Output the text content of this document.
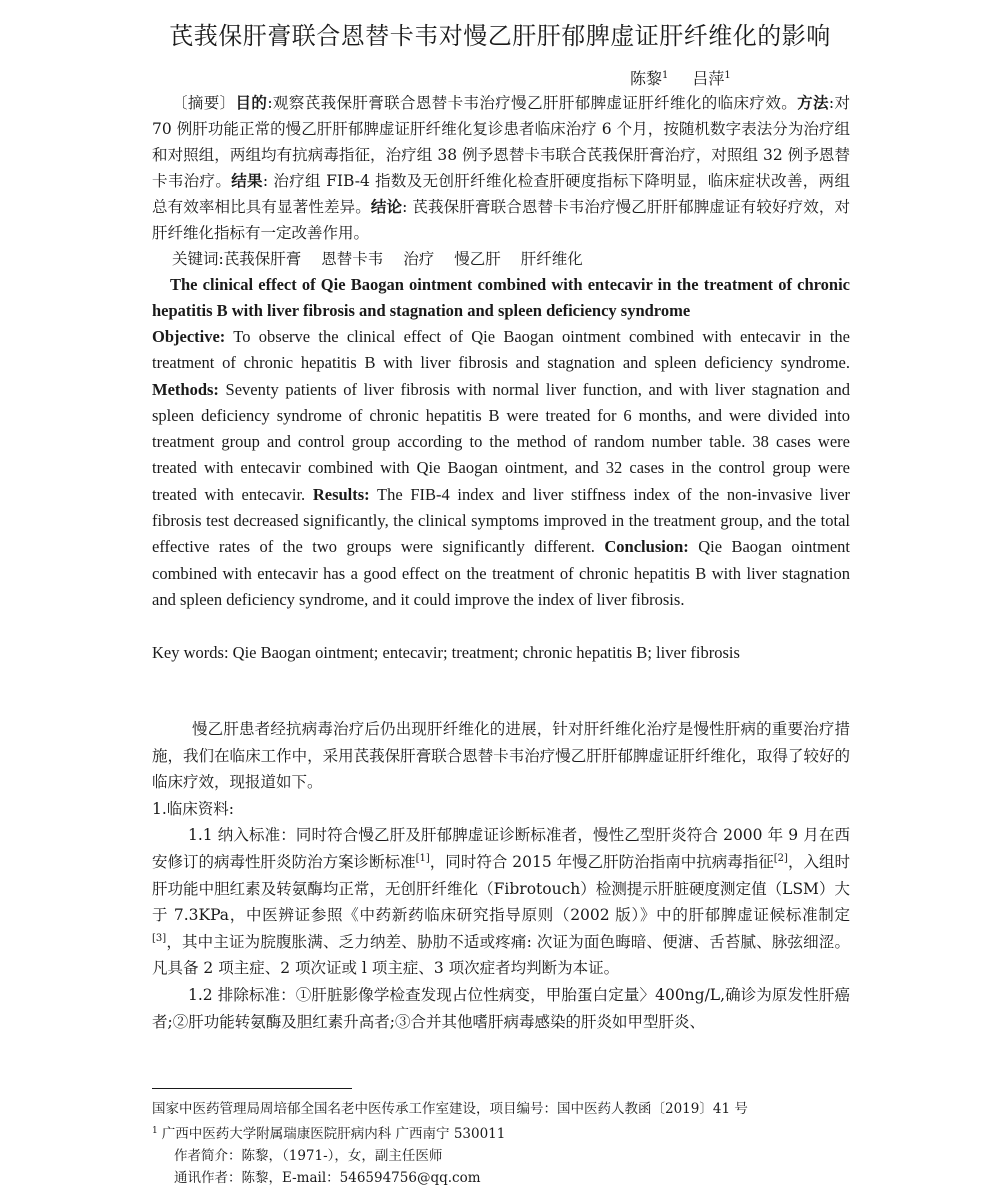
芪莪保肝膏联合恩替卡韦对慢乙肝肝郁脾虚证肝纤维化的影响
陈黎$^1$ 吕萍$^1$

〔摘要〕目的:观察芪莪保肝膏联合恩替卡韦治疗慢乙肝肝郁脾虚证肝纤维化的临床疗效。方法:对 70 例肝功能正常的慢乙肝肝郁脾虚证肝纤维化复诊患者临床治疗 6 个月，按随机数字表法分为治疗组和对照组，两组均有抗病毒指征，治疗组 38 例予恩替卡韦联合芪莪保肝膏治疗，对照组 32 例予恩替卡韦治疗。结果: 治疗组 FIB-4 指数及无创肝纤维化检查肝硬度指标下降明显，临床症状改善，两组总有效率相比具有显著性差异。结论: 芪莪保肝膏联合恩替卡韦治疗慢乙肝肝郁脾虚证有较好疗效，对肝纤维化指标有一定改善作用。

关键词:芪莪保肝膏 恩替卡韦 治疗 慢乙肝 肝纤维化

The clinical effect of Qie Baogan ointment combined with entecavir in the treatment of chronic hepatitis B with liver fibrosis and stagnation and spleen deficiency syndrome

Objective: To observe the clinical effect of Qie Baogan ointment combined with entecavir in the treatment of chronic hepatitis B with liver fibrosis and stagnation and spleen deficiency syndrome. Methods: Seventy patients of liver fibrosis with normal liver function, and with liver stagnation and spleen deficiency syndrome of chronic hepatitis B were treated for 6 months, and were divided into treatment group and control group according to the method of random number table. 38 cases were treated with entecavir combined with Qie Baogan ointment, and 32 cases in the control group were treated with entecavir. Results: The FIB-4 index and liver stiffness index of the non-invasive liver fibrosis test decreased significantly, the clinical symptoms improved in the treatment group, and the total effective rates of the two groups were significantly different. Conclusion: Qie Baogan ointment combined with entecavir has a good effect on the treatment of chronic hepatitis B with liver stagnation and spleen deficiency syndrome, and it could improve the index of liver fibrosis.

Key words: Qie Baogan ointment; entecavir; treatment; chronic hepatitis B; liver fibrosis

慢乙肝患者经抗病毒治疗后仍出现肝纤维化的进展，针对肝纤维化治疗是慢性肝病的重要治疗措施，我们在临床工作中，采用芪莪保肝膏联合恩替卡韦治疗慢乙肝肝郁脾虚证肝纤维化，取得了较好的临床疗效，现报道如下。

1.临床资料:

1.1 纳入标准：同时符合慢乙肝及肝郁脾虚证诊断标准者，慢性乙型肝炎符合 2000 年 9 月在西安修订的病毒性肝炎防治方案诊断标准[1]，同时符合 2015 年慢乙肝防治指南中抗病毒指征[2]，入组时肝功能中胆红素及转氨酶均正常，无创肝纤维化（Fibrotouch）检测提示肝脏硬度测定值（LSM）大于 7.3KPa，中医辨证参照《中药新药临床研究指导原则（2002 版）》中的肝郁脾虚证候标准制定[3]，其中主证为脘腹胀满、乏力纳差、胁肋不适或疼痛: 次证为面色晦暗、便溏、舌苔腻、脉弦细涩。凡具备 2 项主症、2 项次证或 l 项主症、3 项次症者均判断为本证。

1.2 排除标准：①肝脏影像学检查发现占位性病变，甲胎蛋白定量〉400ng/L,确诊为原发性肝癌者;②肝功能转氨酶及胆红素升高者;③合并其他嗜肝病毒感染的肝炎如甲型肝炎、

国家中医药管理局周培郁全国名老中医传承工作室建设，项目编号：国中医药人教函〔2019〕41 号

$^1$ 广西中医药大学附属瑞康医院肝病内科 广西南宁 530011

作者简介：陈黎，（1971-），女，副主任医师

通讯作者：陈黎，E-mail：546594756@qq.com
